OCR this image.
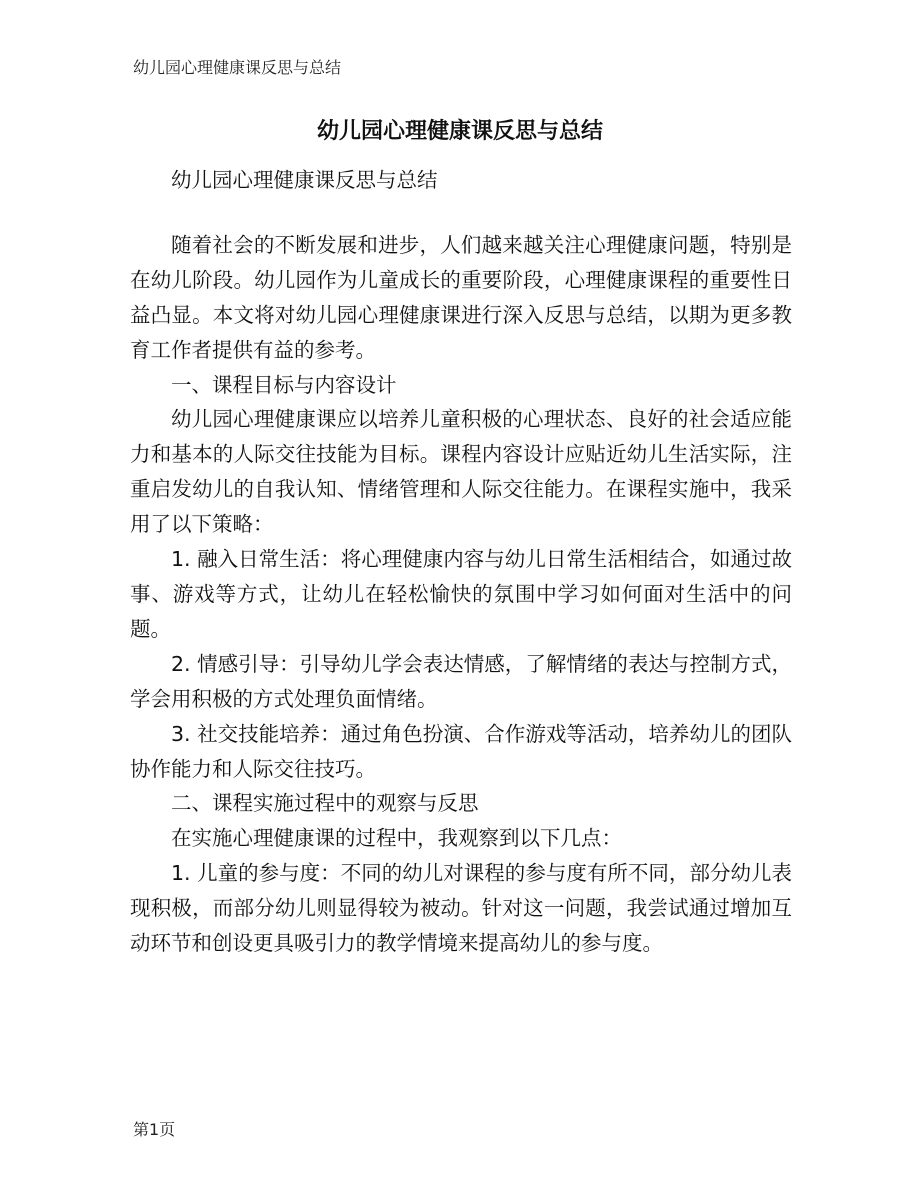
幼儿园心理健康课反思与总结
幼儿园心理健康课反思与总结

幼儿园心理健康课反思与总结

随着社会的不断发展和进步，人们越来越关注心理健康问题，特别是在幼儿阶段。幼儿园作为儿童成长的重要阶段，心理健康课程的重要性日益凸显。本文将对幼儿园心理健康课进行深入反思与总结，以期为更多教育工作者提供有益的参考。

一、课程目标与内容设计

幼儿园心理健康课应以培养儿童积极的心理状态、良好的社会适应能力和基本的人际交往技能为目标。课程内容设计应贴近幼儿生活实际，注重启发幼儿的自我认知、情绪管理和人际交往能力。在课程实施中，我采用了以下策略：

1. 融入日常生活：将心理健康内容与幼儿日常生活相结合，如通过故事、游戏等方式，让幼儿在轻松愉快的氛围中学习如何面对生活中的问题。

2. 情感引导：引导幼儿学会表达情感，了解情绪的表达与控制方式，学会用积极的方式处理负面情绪。

3. 社交技能培养：通过角色扮演、合作游戏等活动，培养幼儿的团队协作能力和人际交往技巧。

二、课程实施过程中的观察与反思

在实施心理健康课的过程中，我观察到以下几点：

1. 儿童的参与度：不同的幼儿对课程的参与度有所不同，部分幼儿表现积极，而部分幼儿则显得较为被动。针对这一问题，我尝试通过增加互动环节和创设更具吸引力的教学情境来提高幼儿的参与度。

第1页
